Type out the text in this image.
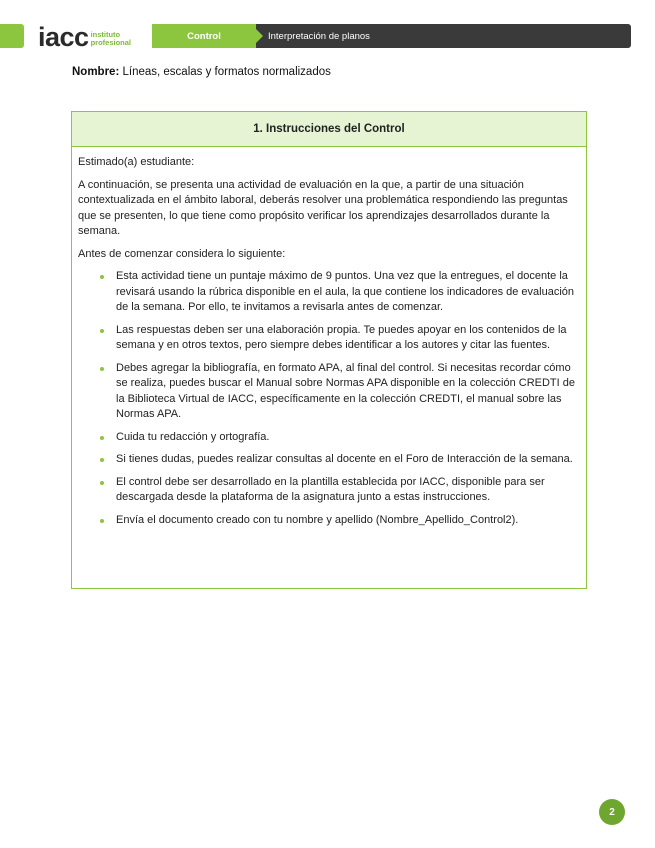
iacc instituto
profesional
Control	Interpretación de planos
Nombre: Líneas, escalas y formatos normalizados
1. Instrucciones del Control

Estimado(a) estudiante:

A continuación, se presenta una actividad de evaluación en la que, a partir de una situación contextualizada en el ámbito laboral, deberás resolver una problemática respondiendo las preguntas que se presenten, lo que tiene como propósito verificar los aprendizajes desarrollados durante la semana.

Antes de comenzar considera lo siguiente:

Esta actividad tiene un puntaje máximo de 9 puntos. Una vez que la entregues, el docente la revisará usando la rúbrica disponible en el aula, la que contiene los indicadores de evaluación de la semana. Por ello, te invitamos a revisarla antes de comenzar.
Las respuestas deben ser una elaboración propia. Te puedes apoyar en los contenidos de la semana y en otros textos, pero siempre debes identificar a los autores y citar las fuentes.
Debes agregar la bibliografía, en formato APA, al final del control. Si necesitas recordar cómo se realiza, puedes buscar el Manual sobre Normas APA disponible en la colección CREDTI de la Biblioteca Virtual de IACC, específicamente en la colección CREDTI, el manual sobre las Normas APA.
Cuida tu redacción y ortografía.
Si tienes dudas, puedes realizar consultas al docente en el Foro de Interacción de la semana.
El control debe ser desarrollado en la plantilla establecida por IACC, disponible para ser descargada desde la plataforma de la asignatura junto a estas instrucciones.
Envía el documento creado con tu nombre y apellido (Nombre_Apellido_Control2).
2
